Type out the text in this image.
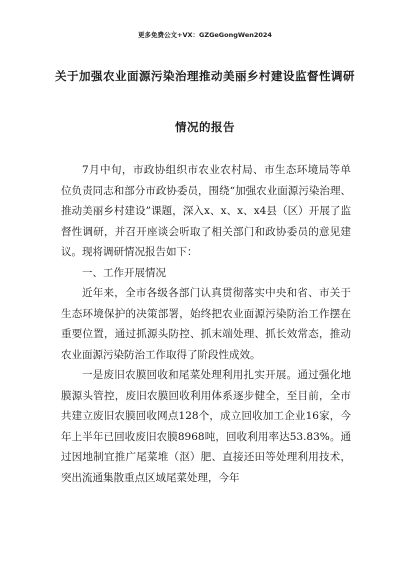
更多免费公文+VX：GZGeGongWen2024
关于加强农业面源污染治理推动美丽乡村建设监督性调研
情况的报告

7月中旬，市政协组织市农业农村局、市生态环境局等单位负责同志和部分市政协委员，围绕“加强农业面源污染治理、推动美丽乡村建设”课题，深入x、x、x、x4县（区）开展了监督性调研，并召开座谈会听取了相关部门和政协委员的意见建议。现将调研情况报告如下：

一、工作开展情况

近年来，全市各级各部门认真贯彻落实中央和省、市关于生态环境保护的决策部署，始终把农业面源污染防治工作摆在重要位置，通过抓源头防控、抓末端处理、抓长效常态，推动农业面源污染防治工作取得了阶段性成效。

一是废旧农膜回收和尾菜处理利用扎实开展。通过强化地膜源头管控，废旧农膜回收利用体系逐步健全，至目前，全市共建立废旧农膜回收网点128个，成立回收加工企业16家，今年上半年已回收废旧农膜8968吨，回收利用率达53.83%。通过因地制宜推广尾菜堆（沤）肥、直接还田等处理利用技术，突出流通集散重点区域尾菜处理，今年
